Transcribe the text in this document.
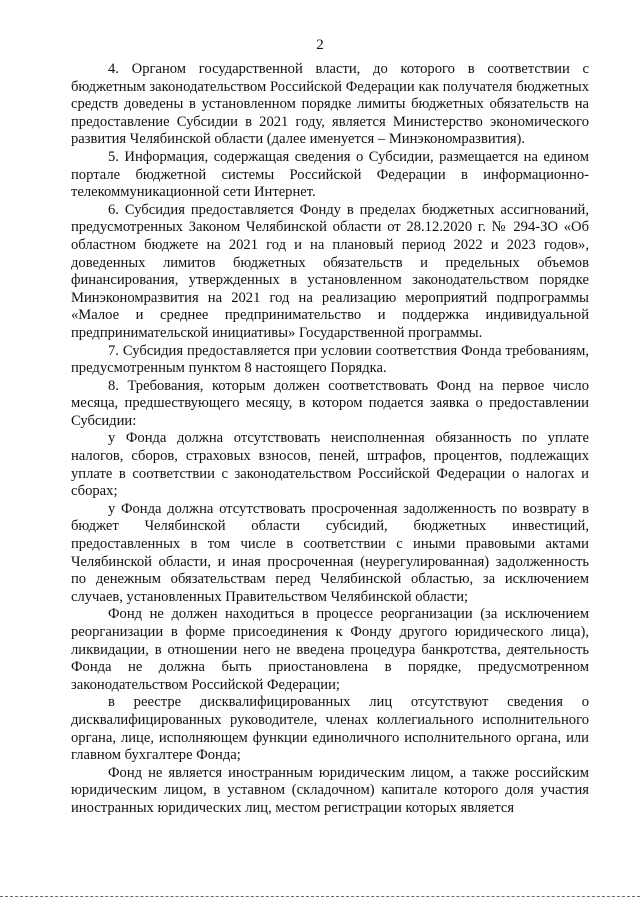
2

4. Органом государственной власти, до которого в соответствии с бюджетным законодательством Российской Федерации как получателя бюджетных средств доведены в установленном порядке лимиты бюджетных обязательств на предоставление Субсидии в 2021 году, является Министерство экономического развития Челябинской области (далее именуется – Минэкономразвития).

5. Информация, содержащая сведения о Субсидии, размещается на едином портале бюджетной системы Российской Федерации в информационно-телекоммуникационной сети Интернет.

6. Субсидия предоставляется Фонду в пределах бюджетных ассигнований, предусмотренных Законом Челябинской области от 28.12.2020 г. № 294-ЗО «Об областном бюджете на 2021 год и на плановый период 2022 и 2023 годов», доведенных лимитов бюджетных обязательств и предельных объемов финансирования, утвержденных в установленном законодательством порядке Минэкономразвития на 2021 год на реализацию мероприятий подпрограммы «Малое и среднее предпринимательство и поддержка индивидуальной предпринимательской инициативы» Государственной программы.

7. Субсидия предоставляется при условии соответствия Фонда требованиям, предусмотренным пунктом 8 настоящего Порядка.

8. Требования, которым должен соответствовать Фонд на первое число месяца, предшествующего месяцу, в котором подается заявка о предоставлении Субсидии:

у Фонда должна отсутствовать неисполненная обязанность по уплате налогов, сборов, страховых взносов, пеней, штрафов, процентов, подлежащих уплате в соответствии с законодательством Российской Федерации о налогах и сборах;

у Фонда должна отсутствовать просроченная задолженность по возврату в бюджет Челябинской области субсидий, бюджетных инвестиций, предоставленных в том числе в соответствии с иными правовыми актами Челябинской области, и иная просроченная (неурегулированная) задолженность по денежным обязательствам перед Челябинской областью, за исключением случаев, установленных Правительством Челябинской области;

Фонд не должен находиться в процессе реорганизации (за исключением реорганизации в форме присоединения к Фонду другого юридического лица), ликвидации, в отношении него не введена процедура банкротства, деятельность Фонда не должна быть приостановлена в порядке, предусмотренном законодательством Российской Федерации;

в реестре дисквалифицированных лиц отсутствуют сведения о дисквалифицированных руководителе, членах коллегиального исполнительного органа, лице, исполняющем функции единоличного исполнительного органа, или главном бухгалтере Фонда;

Фонд не является иностранным юридическим лицом, а также российским юридическим лицом, в уставном (складочном) капитале которого доля участия иностранных юридических лиц, местом регистрации которых является
